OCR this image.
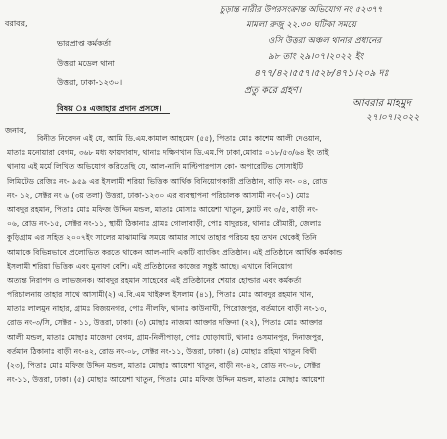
চুড়ান্ত নারীর উপরসংক্রান্ত অভিযোগ নং ৫২৩৭৭
মামলা রুজু ২২.৩০ ঘটিকা সময়ে
ওসি উত্তরা অঞ্চল থানার প্রধানের
৯৮ তাং ২৯।০৭।২০২২ ইং
৪৭৭/৪২।৫৫৭।৫২৮/৪৭১।২০৯ দঃ
প্রতু করে গ্রহণ।
বরাবর,
ভারপ্রাপ্ত কর্মকর্তা
উত্তরা মডেল থানা
উত্তরা, ঢাকা-১২৩০।
বিষয় ঃ এজাহার প্রদান প্রসঙ্গে।	আবরার মাহমুদ
২৭।০৭।২০২২
জনাব,
বিনীত নিবেদন এই যে, আমি ডি.এম.কামাল আহমেদ (৫৫), পিতাঃ মোঃ কাশেম আলী দেওয়ান,
মাতাঃ মনোয়ারা বেগম, ৩৬৮ মধ্য ফায়দাবাদ, থানাঃ দক্ষিণখান ডি.এম.পি ঢাকা,মোবাঃ ০১৮/৫৩/৬৪ ইং তাই
থানায় এই মর্মে লিখিত অভিযোগ করিতেছি যে, আল-নাদি মাল্টিপারপাস কো- অপারেটিভ সোসাইটি
লিমিটেড রেজিঃ নং- ৯৫৯ এর ইসলামী শরিয়া ভিত্তিক আর্থিক বিনিয়োগকারী প্রতিষ্ঠান, বাড়ি নং- ০৪, রোড
নং- ১২, সেক্টর নং ৬ (৩য় তলা) উত্তরা, ঢাকা-১২৩০ এর ব্যবস্থাপনা পরিচালক আসামী নং-(০১) মোঃ
আবদুর রহমান, পিতাঃ মোঃ মফিজ উদ্দিন মন্ডল, মাতাঃ মোসাঃ আয়েশা খাতুন, ফ্ল্যাট নং ৩/৫, বাড়ী নং-
০৬, রোড নং-১৫, সেক্টর নং-১১, স্থায়ী ঠিকানাঃ গ্রামঃ গোলাবাড়ী, পোঃ যাদুরচর, থানাঃ রৌমারী, জেলাঃ
কুড়িগ্রাম এর সহিত ২০০৭ইং সালের মাঝামাঝি সময়ে আমার সাথে তাহার পরিচয় হয় তখন থেকেই তিনি
আমাকে বিভিন্নভাবে প্রলোভিত করতে থাকেন আল-নাদি একটি ব্যাংকিং প্রতিষ্ঠান। এই প্রতিষ্ঠানে আর্থিক কর্মকান্ড
ইসলামী শরিয়া ভিত্তিক এবং মুনাফা বেশি। এই প্রতিষ্ঠানের কাজের সন্তুষ্ট আছে। এখানে বিনিয়োগ
অত্যন্ত নিরাপদ ও লাভজনক। আবদুর রহমান সাহেবের এই প্রতিষ্ঠানের শেয়ার হোল্ডার এবং কর্মকর্তা
পরিচালনায় তাহার সাথে আসামী(২) এ.বি.এম খাইরুল ইসলাম (৪১), পিতাঃ মোঃ আবদুর রহমান খান,
মাতাঃ লালমুন নাহার, গ্রামঃ বিজয়নগর, পোঃ নীলফি, থানাঃ কাউনাখী, পিরোজপুর, বর্তমানে বাড়ী নং-১৩,
রোড নং-৩/সি, সেক্টর - ১১, উত্তরা, ঢাকা। (৩) মোছাঃ নাজমা আক্তার দক্তিনা (২২), পিতাঃ মোঃ আক্তার
আলী মন্ডল, মাতাঃ মোছাঃ মাজেদা বেগম, গ্রাম-নিলীপাড়া, পোঃ ঘোড়াঘাট, থানাঃ ওসমানপুর, দিনাজপুর,
বর্তমান ঠিকানাঃ বাড়ী নং-৪২, রোড নং-০৮, সেক্টর নং-১১, উত্তরা, ঢাকা। (৪) মোছাঃ রহিমা খাতুন বিথী
(২৩), পিতাঃ মোঃ মফিজ উদ্দিন মন্ডল, মাতাঃ মোছাঃ আয়েশা খাতুন, বাড়ী নং-৪২, রোড নং-০৮, সেক্টর
নং-১১, উত্তরা, ঢাকা। (৫) মোছাঃ আয়েশা খাতুন, পিতাঃ মোঃ মফিজ উদ্দিন মন্ডল, মাতাঃ মোছাঃ আয়েশা
